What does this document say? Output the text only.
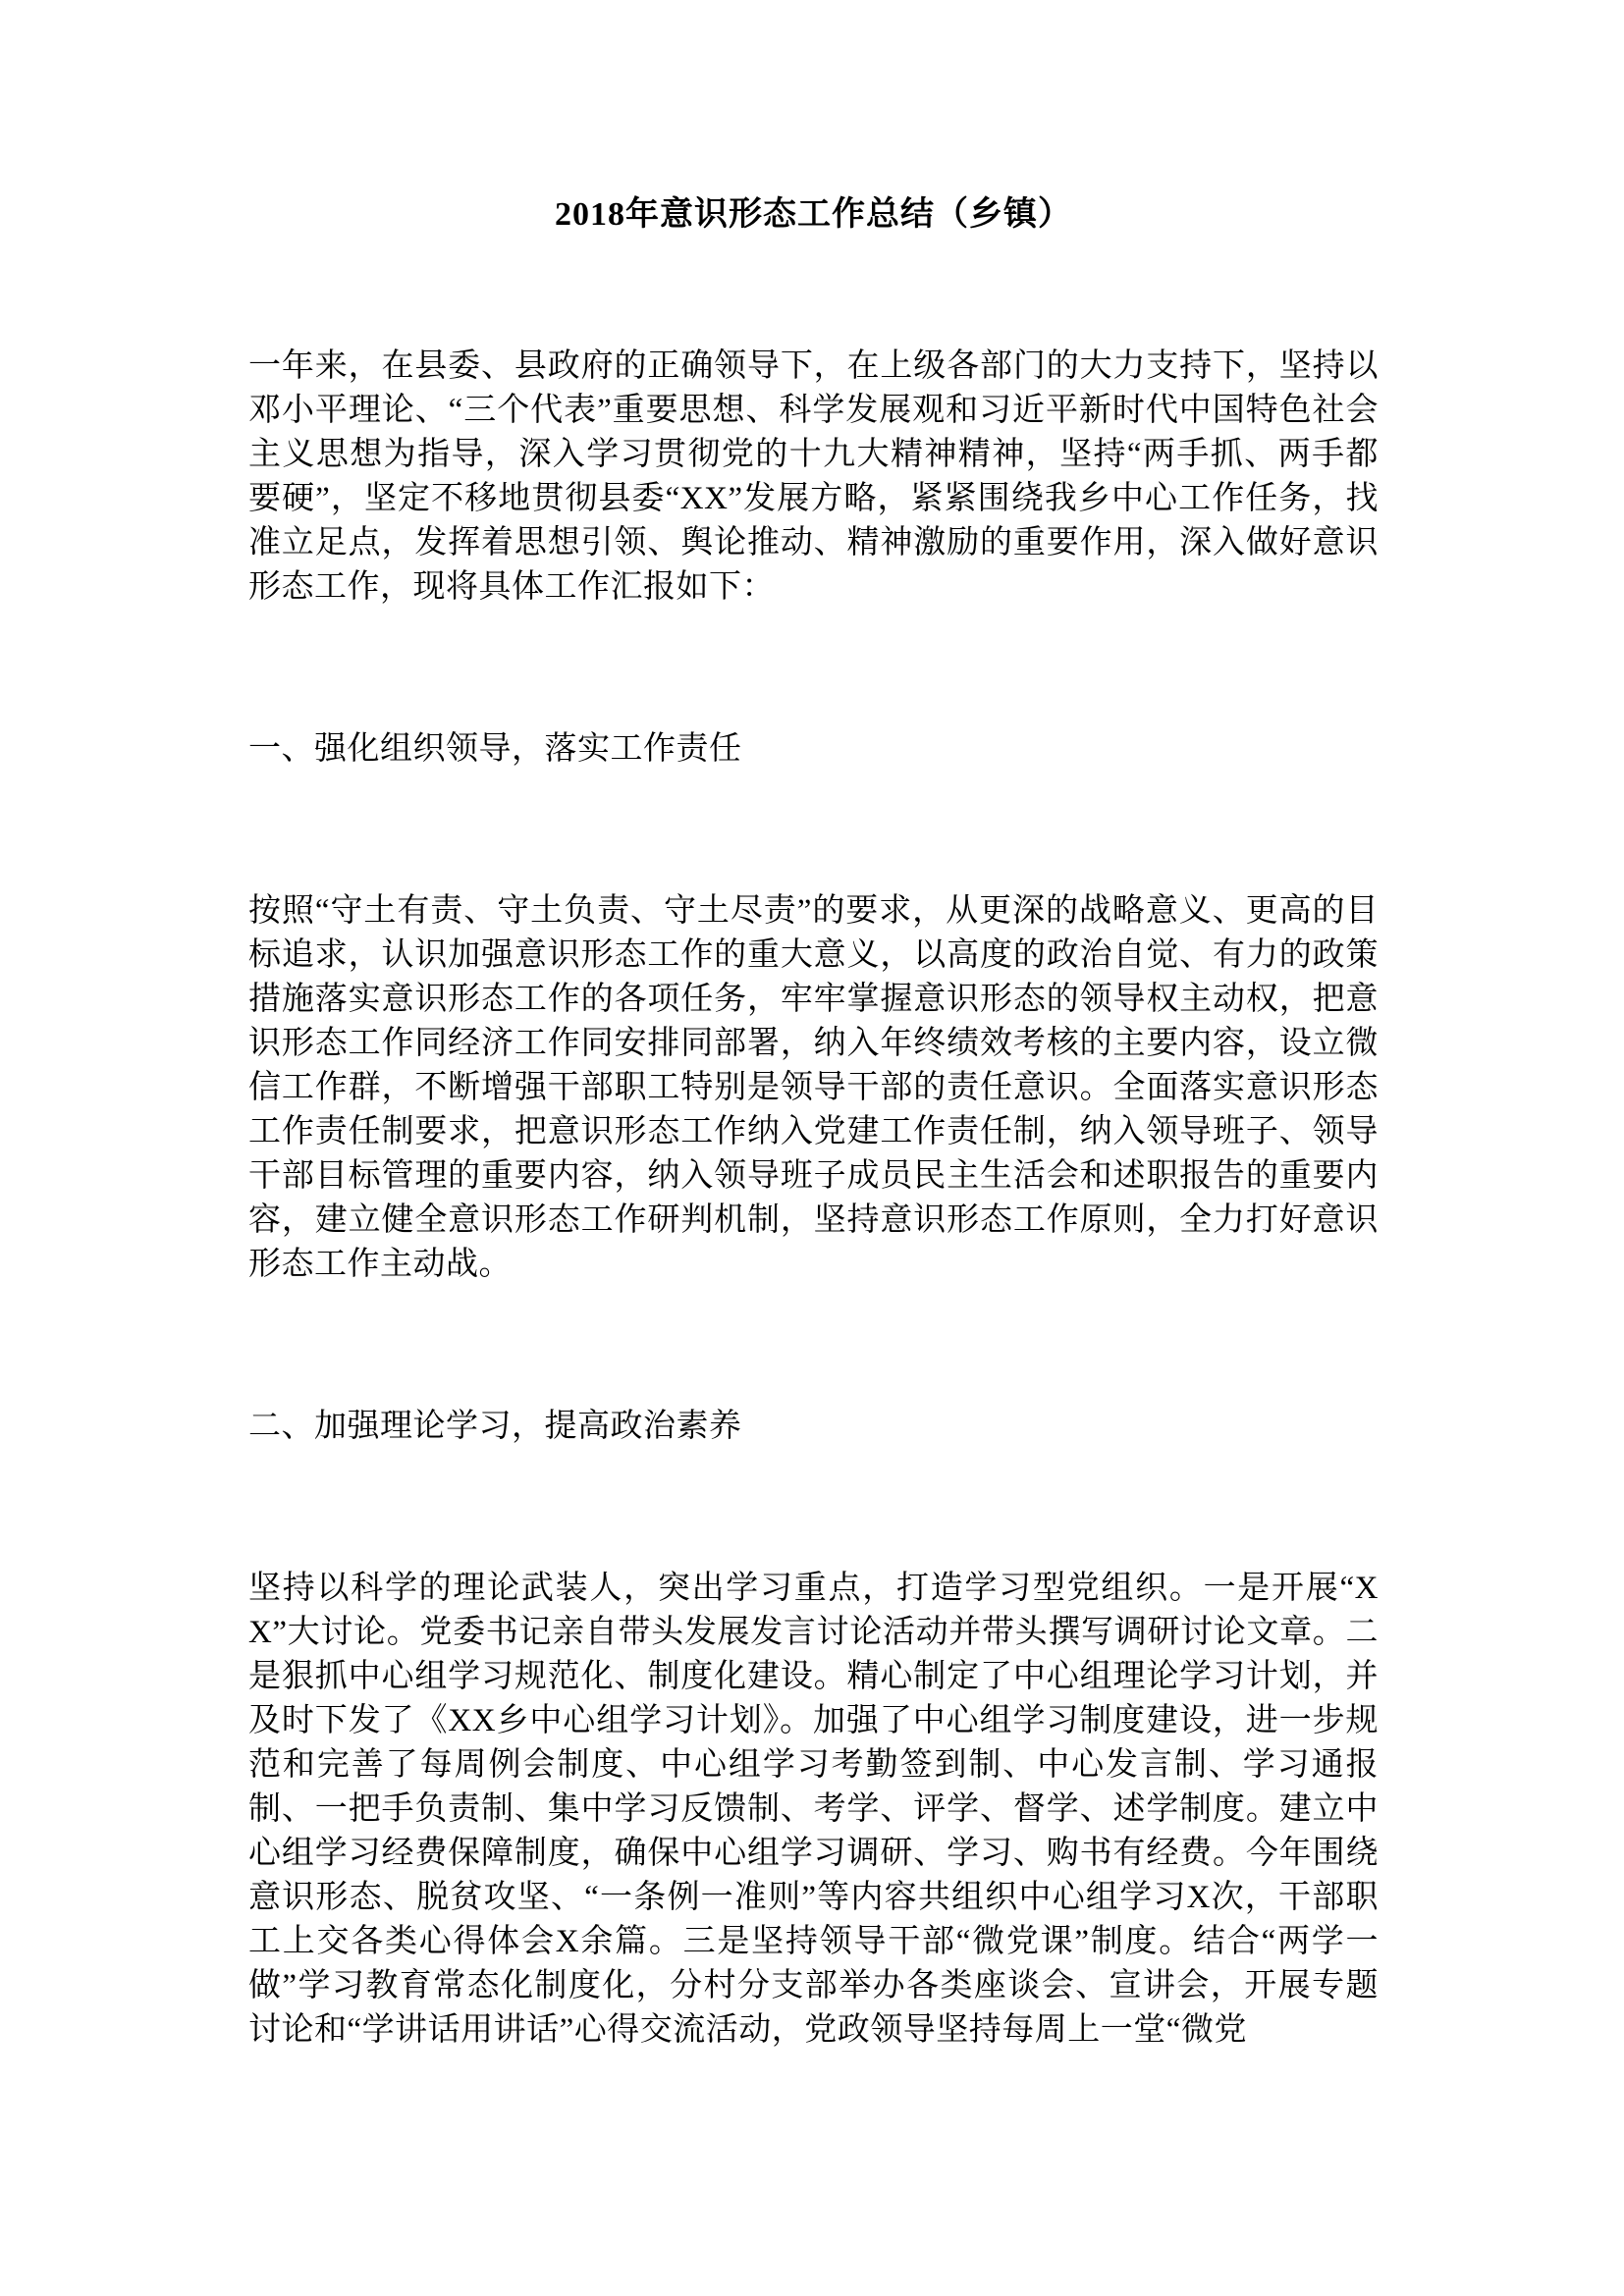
2018年意识形态工作总结（乡镇）

一年来，在县委、县政府的正确领导下，在上级各部门的大力支持下，坚持以邓小平理论、“三个代表”重要思想、科学发展观和习近平新时代中国特色社会主义思想为指导，深入学习贯彻党的十九大精神精神，坚持“两手抓、两手都要硬”，坚定不移地贯彻县委“XX”发展方略，紧紧围绕我乡中心工作任务，找准立足点，发挥着思想引领、舆论推动、精神激励的重要作用，深入做好意识形态工作，现将具体工作汇报如下：

一、强化组织领导，落实工作责任

按照“守土有责、守土负责、守土尽责”的要求，从更深的战略意义、更高的目标追求，认识加强意识形态工作的重大意义，以高度的政治自觉、有力的政策措施落实意识形态工作的各项任务，牢牢掌握意识形态的领导权主动权，把意识形态工作同经济工作同安排同部署，纳入年终绩效考核的主要内容，设立微信工作群，不断增强干部职工特别是领导干部的责任意识。全面落实意识形态工作责任制要求，把意识形态工作纳入党建工作责任制，纳入领导班子、领导干部目标管理的重要内容，纳入领导班子成员民主生活会和述职报告的重要内容，建立健全意识形态工作研判机制，坚持意识形态工作原则，全力打好意识形态工作主动战。

二、加强理论学习，提高政治素养

坚持以科学的理论武装人，突出学习重点，打造学习型党组织。一是开展“XX”大讨论。党委书记亲自带头发展发言讨论活动并带头撰写调研讨论文章。二是狠抓中心组学习规范化、制度化建设。精心制定了中心组理论学习计划，并及时下发了《XX乡中心组学习计划》。加强了中心组学习制度建设，进一步规范和完善了每周例会制度、中心组学习考勤签到制、中心发言制、学习通报制、一把手负责制、集中学习反馈制、考学、评学、督学、述学制度。建立中心组学习经费保障制度，确保中心组学习调研、学习、购书有经费。今年围绕意识形态、脱贫攻坚、“一条例一准则”等内容共组织中心组学习X次，干部职工上交各类心得体会X余篇。三是坚持领导干部“微党课”制度。结合“两学一做”学习教育常态化制度化，分村分支部举办各类座谈会、宣讲会，开展专题讨论和“学讲话用讲话”心得交流活动，党政领导坚持每周上一堂“微党
